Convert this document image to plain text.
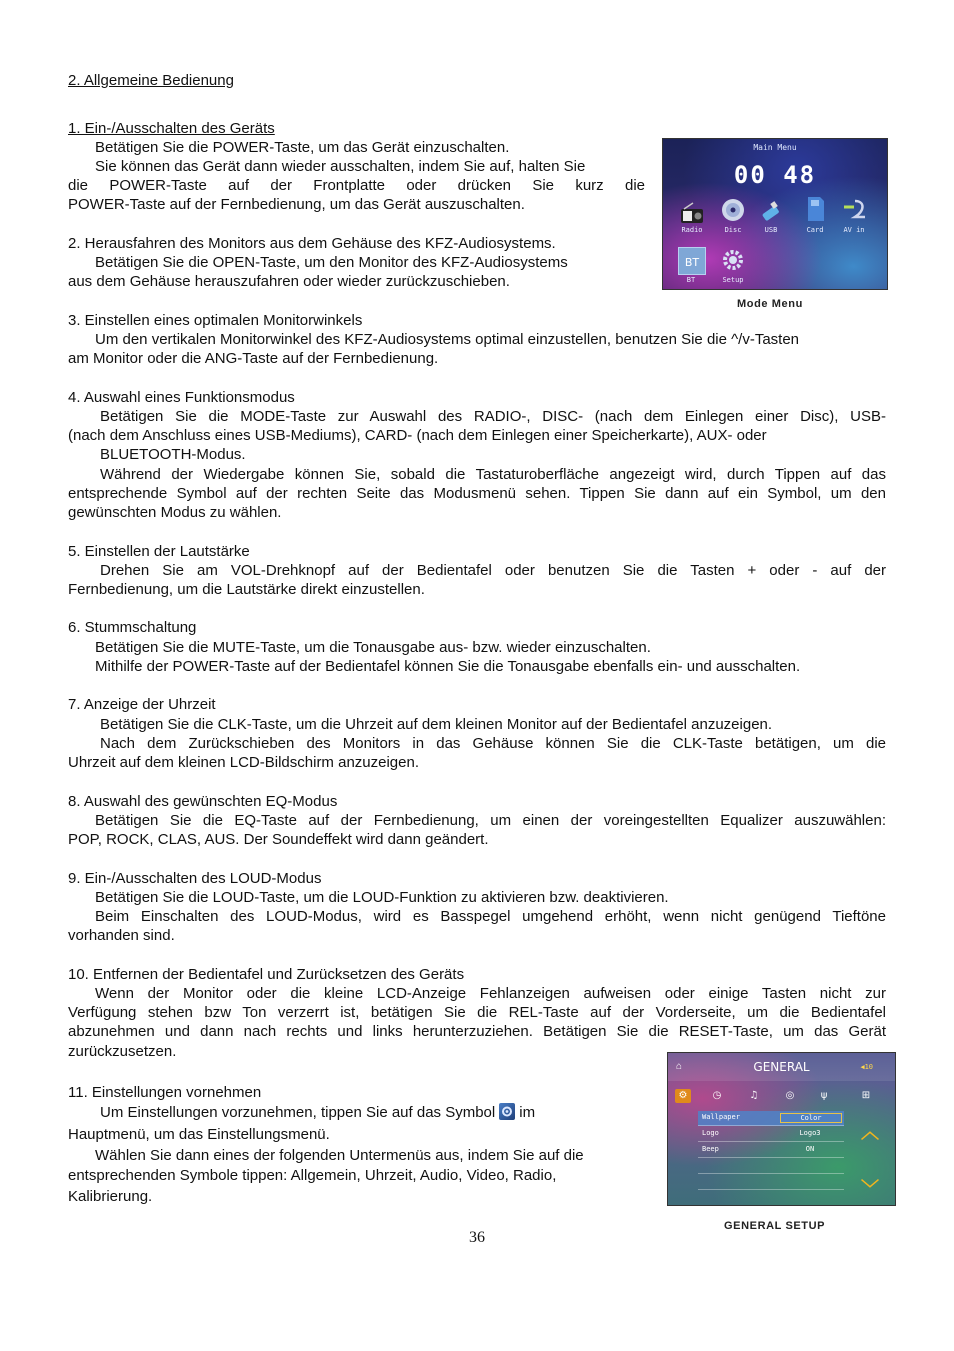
2. Allgemeine Bedienung
1. Ein-/Ausschalten des Geräts
Betätigen Sie die POWER-Taste, um das Gerät einzuschalten.
Sie können das Gerät dann wieder ausschalten, indem Sie auf, halten Sie
die POWER-Taste auf der Frontplatte oder drücken Sie kurz die
POWER-Taste auf der Fernbedienung, um das Gerät auszuschalten.
2. Herausfahren des Monitors aus dem Gehäuse des KFZ-Audiosystems.
Betätigen Sie die OPEN-Taste, um den Monitor des KFZ-Audiosystems
aus dem Gehäuse herauszufahren oder wieder zurückzuschieben.
3. Einstellen eines optimalen Monitorwinkels
Um den vertikalen Monitorwinkel des KFZ-Audiosystems optimal einzustellen, benutzen Sie die ^/v-Tasten
am Monitor oder die ANG-Taste auf der Fernbedienung.
4. Auswahl eines Funktionsmodus
Betätigen Sie die MODE-Taste zur Auswahl des RADIO-, DISC- (nach dem Einlegen einer Disc), USB-
(nach dem Anschluss eines USB-Mediums), CARD- (nach dem Einlegen einer Speicherkarte), AUX- oder
BLUETOOTH-Modus.
Während der Wiedergabe können Sie, sobald die Tastaturoberfläche angezeigt wird, durch Tippen auf das
entsprechende Symbol auf der rechten Seite das Modusmenü sehen. Tippen Sie dann auf ein Symbol, um den
gewünschten Modus zu wählen.
5. Einstellen der Lautstärke
Drehen Sie am VOL-Drehknopf auf der Bedientafel oder benutzen Sie die Tasten + oder - auf der
Fernbedienung, um die Lautstärke direkt einzustellen.
6. Stummschaltung
Betätigen Sie die MUTE-Taste, um die Tonausgabe aus- bzw. wieder einzuschalten.
Mithilfe der POWER-Taste auf der Bedientafel können Sie die Tonausgabe ebenfalls ein- und ausschalten.
7. Anzeige der Uhrzeit
Betätigen Sie die CLK-Taste, um die Uhrzeit auf dem kleinen Monitor auf der Bedientafel anzuzeigen.
Nach dem Zurückschieben des Monitors in das Gehäuse können Sie die CLK-Taste betätigen, um die
Uhrzeit auf dem kleinen LCD-Bildschirm anzuzeigen.
8. Auswahl des gewünschten EQ-Modus
Betätigen Sie die EQ-Taste auf der Fernbedienung, um einen der voreingestellten Equalizer auszuwählen:
POP, ROCK, CLAS, AUS. Der Soundeffekt wird dann geändert.
9. Ein-/Ausschalten des LOUD-Modus
Betätigen Sie die LOUD-Taste, um die LOUD-Funktion zu aktivieren bzw. deaktivieren.
Beim Einschalten des LOUD-Modus, wird es Basspegel umgehend erhöht, wenn nicht genügend Tieftöne
vorhanden sind.
10. Entfernen der Bedientafel und Zurücksetzen des Geräts
Wenn der Monitor oder die kleine LCD-Anzeige Fehlanzeigen aufweisen oder einige Tasten nicht zur
Verfügung stehen bzw Ton verzerrt ist, betätigen Sie die REL-Taste auf der Vorderseite, um die Bedientafel
abzunehmen und dann nach rechts und links herunterzuziehen. Betätigen Sie die RESET-Taste, um das Gerät
zurückzusetzen.
11. Einstellungen vornehmen
Um Einstellungen vorzunehmen, tippen Sie auf das Symbol im
Hauptmenü, um das Einstellungsmenü.
Wählen Sie dann eines der folgenden Untermenüs aus, indem Sie auf die
entsprechenden Symbole tippen: Allgemein, Uhrzeit, Audio, Video, Radio,
Kalibrierung.
Main Menu
00 48
Radio	Disc	USB	Card	AV in
BT
BT	Setup
Mode Menu
⌂	GENERAL	◀10
⚙	◷	♫	◎	ψ	⊞
Wallpaper	Color
Logo	Logo3
Beep	ON
︿
﹀
GENERAL SETUP
36
